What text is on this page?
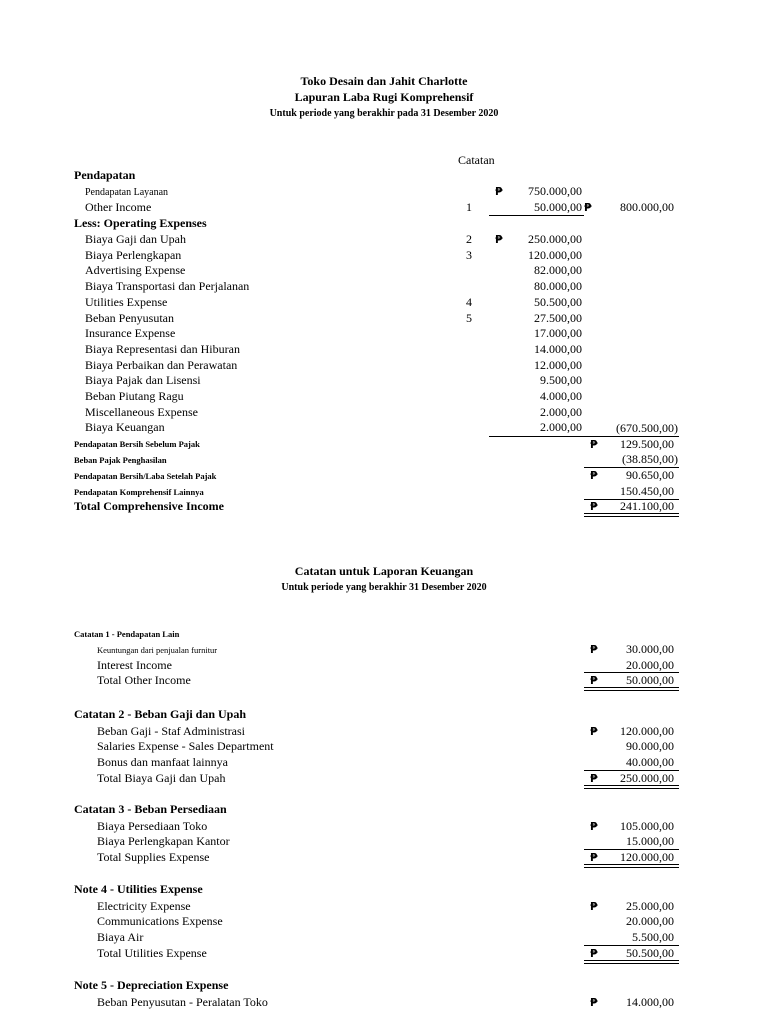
Toko Desain dan Jahit Charlotte
Lapuran Laba Rugi Komprehensif
Untuk periode yang berakhir pada 31 Desember 2020
Catatan
Pendapatan
Pendapatan Layanan	₱	750.000,00
Other Income	1	50.000,00 ₱	800.000,00
Less: Operating Expenses
₱
Biaya Gaji dan Upah	2	250.000,00
Biaya Perlengkapan	3	120.000,00
Advertising Expense	82.000,00
Biaya Transportasi dan Perjalanan	80.000,00
Utilities Expense	4	50.500,00
Beban Penyusutan	5	27.500,00
Insurance Expense	17.000,00
Biaya Representasi dan Hiburan	14.000,00
Biaya Perbaikan dan Perawatan	12.000,00
Biaya Pajak dan Lisensi	9.500,00
Beban Piutang Ragu	4.000,00
Miscellaneous Expense	2.000,00
Biaya Keuangan	2.000,00	(670.500,00)
Pendapatan Bersih Sebelum Pajak	₱	129.500,00
Beban Pajak Penghasilan	(38.850,00)
Pendapatan Bersih/Laba Setelah Pajak	₱	90.650,00
Pendapatan Komprehensif Lainnya	150.450,00
Total Comprehensive Income	₱	241.100,00
Catatan untuk Laporan Keuangan
Untuk periode yang berakhir 31 Desember 2020
Catatan 1 - Pendapatan Lain
Keuntungan dari penjualan furnitur	₱	30.000,00
Interest Income	20.000,00
Total Other Income	₱	50.000,00
Catatan 2 - Beban Gaji dan Upah
Beban Gaji - Staf Administrasi	₱	120.000,00
Salaries Expense - Sales Department	90.000,00
Bonus dan manfaat lainnya	40.000,00
Total Biaya Gaji dan Upah	₱	250.000,00
Catatan 3 - Beban Persediaan
Biaya Persediaan Toko	₱	105.000,00
Biaya Perlengkapan Kantor	15.000,00
Total Supplies Expense	₱	120.000,00
Note 4 - Utilities Expense
Electricity Expense	₱	25.000,00
Communications Expense	20.000,00
Biaya Air	5.500,00
Total Utilities Expense	₱	50.500,00
Note 5 - Depreciation Expense
Beban Penyusutan - Peralatan Toko	₱	14.000,00
